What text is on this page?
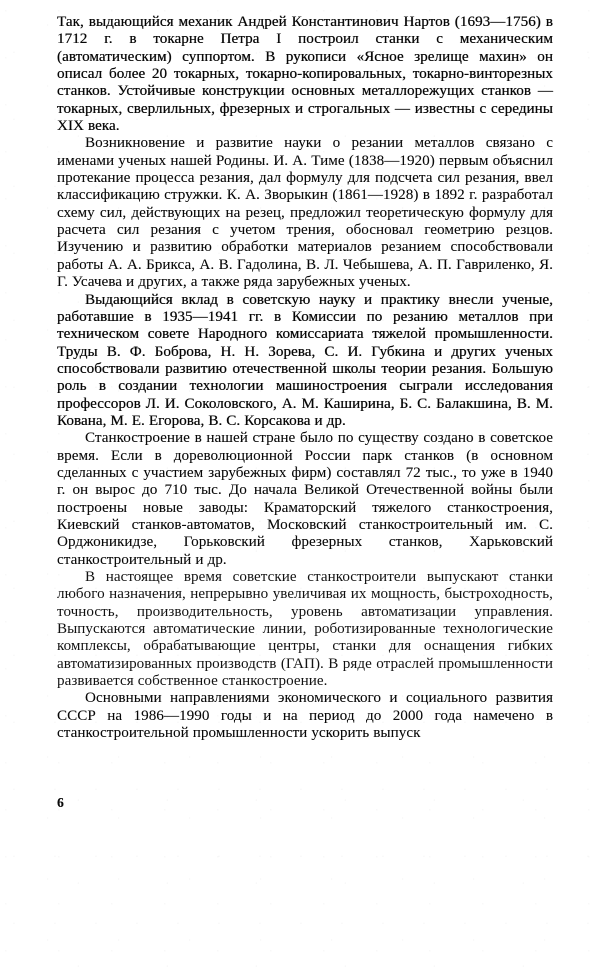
Так, выдающийся механик Андрей Константинович Нартов (1693—1756) в 1712 г. в токарне Петра I построил станки с механическим (автоматическим) суппортом. В рукописи «Ясное зрелище махин» он описал более 20 токарных, токарно-копировальных, токарно-винторезных станков. Устойчивые конструкции основных металлорежущих станков — токарных, сверлильных, фрезерных и строгальных — известны с середины XIX века.

Возникновение и развитие науки о резании металлов связано с именами ученых нашей Родины. И. А. Тиме (1838—1920) первым объяснил протекание процесса резания, дал формулу для подсчета сил резания, ввел классификацию стружки. К. А. Зворыкин (1861—1928) в 1892 г. разработал схему сил, действующих на резец, предложил теоретическую формулу для расчета сил резания с учетом трения, обосновал геометрию резцов. Изучению и развитию обработки материалов резанием способствовали работы А. А. Брикса, А. В. Гадолина, В. Л. Чебышева, А. П. Гавриленко, Я. Г. Усачева и других, а также ряда зарубежных ученых.

Выдающийся вклад в советскую науку и практику внесли ученые, работавшие в 1935—1941 гг. в Комиссии по резанию металлов при техническом совете Народного комиссариата тяжелой промышленности. Труды В. Ф. Боброва, Н. Н. Зорева, С. И. Губкина и других ученых способствовали развитию отечественной школы теории резания. Большую роль в создании технологии машиностроения сыграли исследования профессоров Л. И. Соколовского, А. М. Каширина, Б. С. Балакшина, В. М. Кована, М. Е. Егорова, В. С. Корсакова и др.

Станкостроение в нашей стране было по существу создано в советское время. Если в дореволюционной России парк станков (в основном сделанных с участием зарубежных фирм) составлял 72 тыс., то уже в 1940 г. он вырос до 710 тыс. До начала Великой Отечественной войны были построены новые заводы: Краматорский тяжелого станкостроения, Киевский станков-автоматов, Московский станкостроительный им. С. Орджоникидзе, Горьковский фрезерных станков, Харьковский станкостроительный и др.

В настоящее время советские станкостроители выпускают станки любого назначения, непрерывно увеличивая их мощность, быстроходность, точность, производительность, уровень автоматизации управления. Выпускаются автоматические линии, роботизированные технологические комплексы, обрабатывающие центры, станки для оснащения гибких автоматизированных производств (ГАП). В ряде отраслей промышленности развивается собственное станкостроение.

Основными направлениями экономического и социального развития СССР на 1986—1990 годы и на период до 2000 года намечено в станкостроительной промышленности ускорить выпуск

6
